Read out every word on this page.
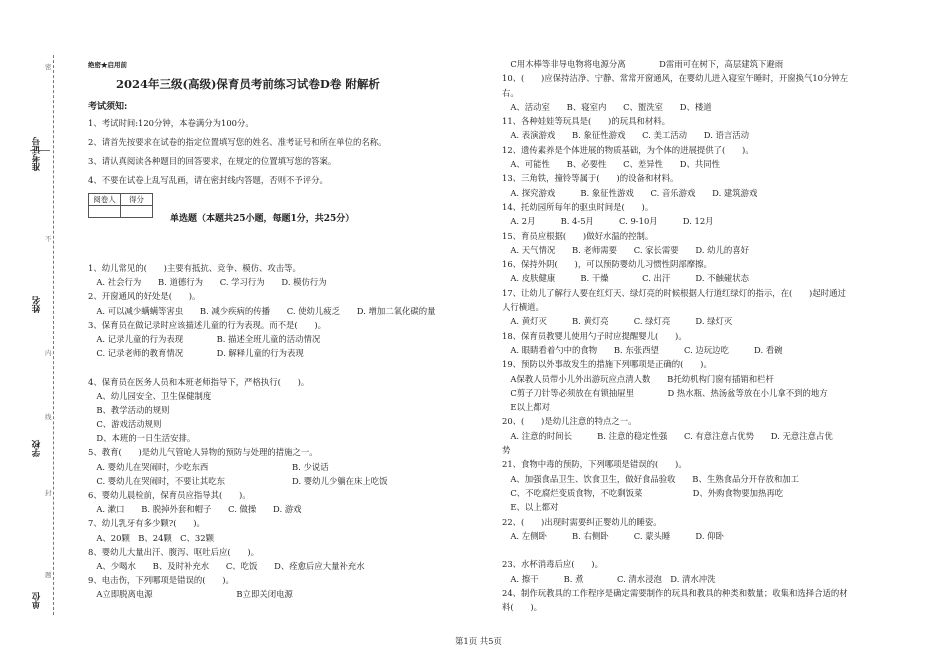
准考证号
姓名
学校
单位
密
不
内
线
封
题
绝密★启用前
2024年三级(高级)保育员考前练习试卷D卷 附解析
考试须知:
1、考试时间:120分钟，本卷满分为100分。
2、请首先按要求在试卷的指定位置填写您的姓名、准考证号和所在单位的名称。
3、请认真阅读各种题目的回答要求，在规定的位置填写您的答案。
4、不要在试卷上乱写乱画，请在密封线内答题，否则不予评分。
阅卷人	得分

单选题（本题共25小题，每题1分，共25分）
1、幼儿常见的(　　)主要有抵抗、竞争、模仿、攻击等。
　A. 社会行为　　B. 道德行为　　C. 学习行为　　D. 模仿行为
2、开窗通风的好处是(　　)。
　A. 可以减少螨螨等害虫　　B. 减少疾病的传播　　C. 使幼儿疲乏　　D. 增加二氧化碳的量
3、保育员在做记录时应该描述儿童的行为表现。而不是(　　)。
　A. 记录儿童的行为表现　　　　B. 描述全班儿童的活动情况
　C. 记录老师的教育情况　　　　D. 解释儿童的行为表现
4、保育员在医务人员和本班老师指导下，严格执行(　　)。
　A、幼儿园安全、卫生保健制度
　B、教学活动的规则
　C、游戏活动规则
　D、本班的一日生活安排。
5、教育(　　)是幼儿气管呛人异物的预防与处理的措施之一。
　A. 婴幼儿在哭闹时，少吃东西　　　　　　　　　　B. 少说话
　C. 婴幼儿在哭闹时，不要让其吃东　　　　　　　　D. 婴幼儿少躺在床上吃饭
6、婴幼儿晨检前，保育员应指导其(　　)。
　A. 漱口　　B. 脱掉外套和帽子　　C. 做操　　D. 游戏
7、幼儿乳牙有多少颗?(　　)。
　A、20颗　B、24颗　C、32颗
8、婴幼儿大量出汗、腹泻、呕吐后应(　　)。
　A、少喝水　　B、及时补充水　　C、吃饭　　D、痊愈后应大量补充水
9、电击伤，下列哪项是错误的(　　)。
　A立即脱离电源　　　　　　　　　　B立即关闭电源
　C用木棒等非导电物将电源分离　　　　D雷雨可在树下，高层建筑下避雨
10、(　　)应保持洁净、宁静、常常开窗通风，在婴幼儿进入寝室午睡时，开窗换气10分钟左
右。
　A、活动室　　B、寝室内　　C、盥洗室　　D、楼道
11、各种娃娃等玩具是(　　)的玩具和材料。
　A. 表演游戏　　B. 象征性游戏　　C. 美工活动　　D. 语言活动
12、遗传素养是个体进展的物质基础，为个体的进展提供了(　　)。
　A、可能性　　B、必要性　　C、差异性　　D、共同性
13、三角铁，撞铃等属于(　　)的设备和材料。
　A. 探究游戏　　　B. 象征性游戏　　C. 音乐游戏　　D. 建筑游戏
14、托幼园所每年的驱虫时间是(　　)。
　A. 2月　　　B. 4-5月　　　C. 9-10月　　　D. 12月
15、育员应根据(　　)做好水温的控制。
　A. 天气情况　　B. 老师需要　　C. 家长需要　　D. 幼儿的喜好
16、保持外阴(　　)，可以预防婴幼儿习惯性阴部摩擦。
　A. 皮肤健康　　　B. 干燥　　　　C. 出汗　　　D. 不触碰状态
17、让幼儿了解行人要在红灯天、绿灯亮的时候根据人行道红绿灯的指示，在(　　)起时通过
人行横道。
　A. 黄灯灭　　　B. 黄灯亮　　　C. 绿灯亮　　　D. 绿灯灭
18、保育员教婴儿使用勺子时应提醒婴儿(　　)。
　A. 眼睛看着勺中的食物　　B. 东张西望　　　C. 边玩边吃　　　D. 看碗
19、预防以外事故发生的措施下列哪项是正确的(　　)。
　A保教人员带小儿外出游玩应点清人数　　B托幼机构门窗有插销和栏杆
　C剪子刀针等必须放在有锁抽屉里　　　　D 热水瓶、热汤盆等放在小儿拿不到的地方
　E以上都对
20、(　　)是幼儿注意的特点之一。
　A. 注意的时间长　　　B. 注意的稳定性强　　C. 有意注意占优势　　D. 无意注意占优
势
21、食物中毒的预防，下列哪项是错误的(　　)。
　A、加强食品卫生、饮食卫生，做好食品验收　　B、生熟食品分开存放和加工
　C、不吃腐烂变质食物，不吃剩饭菜　　　　　　D、外购食物要加热再吃
　E、以上都对
22、(　　)出现时需要纠正婴幼儿的睡姿。
　A. 左侧卧　　　B. 右侧卧　　　C. 蒙头睡　　　D. 仰卧
23、水杯消毒后应(　　)。
　A. 擦干　　　B. 煮　　　　C. 清水浸泡　D. 清水冲洗
24、制作玩教具的工作程序是确定需要制作的玩具和教具的种类和数量；收集和选择合适的材
料(　　)。
第1页 共5页
